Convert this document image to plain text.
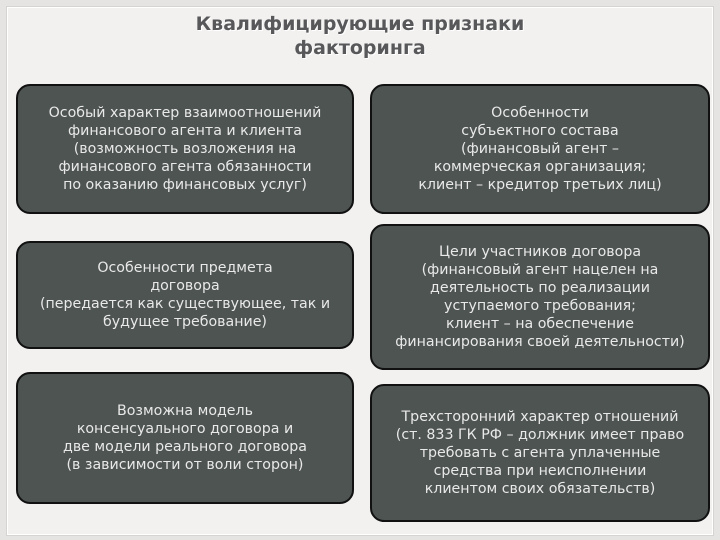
Квалифицирующие признаки
факторинга
Особый характер взаимоотношений
финансового агента и клиента
(возможность возложения на
финансового агента обязанности
по оказанию финансовых услуг)
Особенности
субъектного состава
(финансовый агент –
коммерческая организация;
клиент – кредитор третьих лиц)
Особенности предмета
договора
(передается как существующее, так и
будущее требование)
Цели участников договора
(финансовый агент нацелен на
деятельность по реализации
уступаемого требования;
клиент – на обеспечение
финансирования своей деятельности)
Возможна модель
консенсуального договора и
две модели реального договора
(в зависимости от воли сторон)
Трехсторонний характер отношений
(ст. 833 ГК РФ – должник имеет право
требовать с агента уплаченные
средства при неисполнении
клиентом своих обязательств)
